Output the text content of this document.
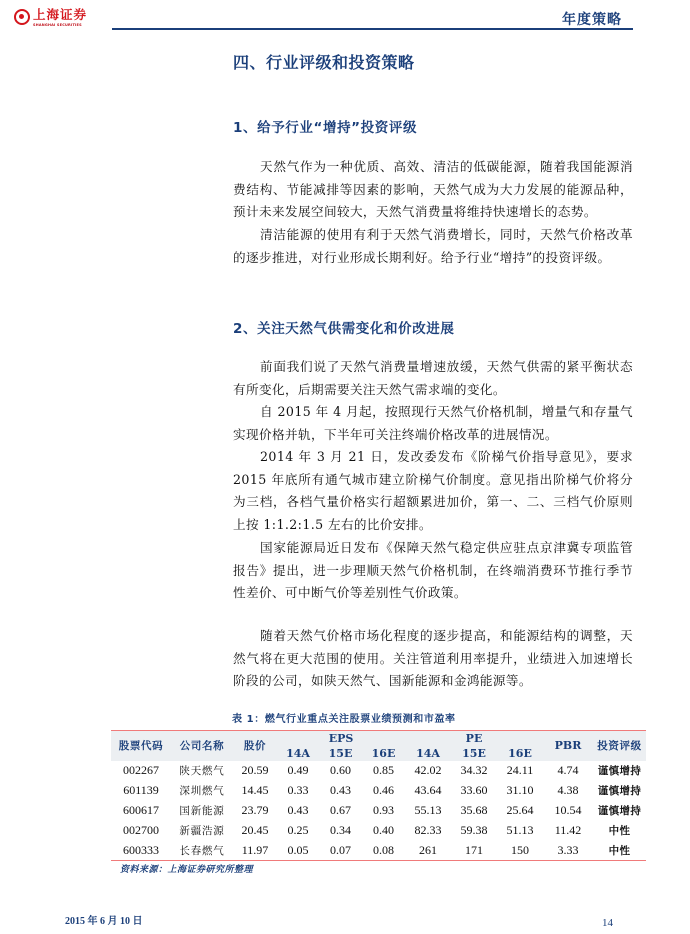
上海证券
SHANGHAI SECURITIES	年度策略
四、行业评级和投资策略
1、给予行业“增持”投资评级

天然气作为一种优质、高效、清洁的低碳能源，随着我国能源消费结构、节能减排等因素的影响，天然气成为大力发展的能源品种，预计未来发展空间较大，天然气消费量将维持快速增长的态势。

清洁能源的使用有利于天然气消费增长，同时，天然气价格改革的逐步推进，对行业形成长期利好。给予行业“增持”的投资评级。

2、关注天然气供需变化和价改进展

前面我们说了天然气消费量增速放缓，天然气供需的紧平衡状态有所变化，后期需要关注天然气需求端的变化。

自 2015 年 4 月起，按照现行天然气价格机制，增量气和存量气实现价格并轨，下半年可关注终端价格改革的进展情况。

2014 年 3 月 21 日，发改委发布《阶梯气价指导意见》，要求 2015 年底所有通气城市建立阶梯气价制度。意见指出阶梯气价将分为三档，各档气量价格实行超额累进加价，第一、二、三档气价原则上按 1:1.2:1.5 左右的比价安排。

国家能源局近日发布《保障天然气稳定供应驻点京津冀专项监管报告》提出，进一步理顺天然气价格机制，在终端消费环节推行季节性差价、可中断气价等差别性气价政策。

随着天然气价格市场化程度的逐步提高，和能源结构的调整，天然气将在更大范围的使用。关注管道利用率提升，业绩进入加速增长阶段的公司，如陕天然气、国新能源和金鸿能源等。

表 1：燃气行业重点关注股票业绩预测和市盈率
股票代码	公司名称	股价	EPS			PE			PBR	投资评级
			14A	15E	16E	14A	15E	16E		
002267	陕天燃气	20.59	0.49	0.60	0.85	42.02	34.32	24.11	4.74	谨慎增持
601139	深圳燃气	14.45	0.33	0.43	0.46	43.64	33.60	31.10	4.38	谨慎增持
600617	国新能源	23.79	0.43	0.67	0.93	55.13	35.68	25.64	10.54	谨慎增持
002700	新疆浩源	20.45	0.25	0.34	0.40	82.33	59.38	51.13	11.42	中性
600333	长春燃气	11.97	0.05	0.07	0.08	261	171	150	3.33	中性
资料来源：上海证券研究所整理
2015 年 6 月 10 日	14
